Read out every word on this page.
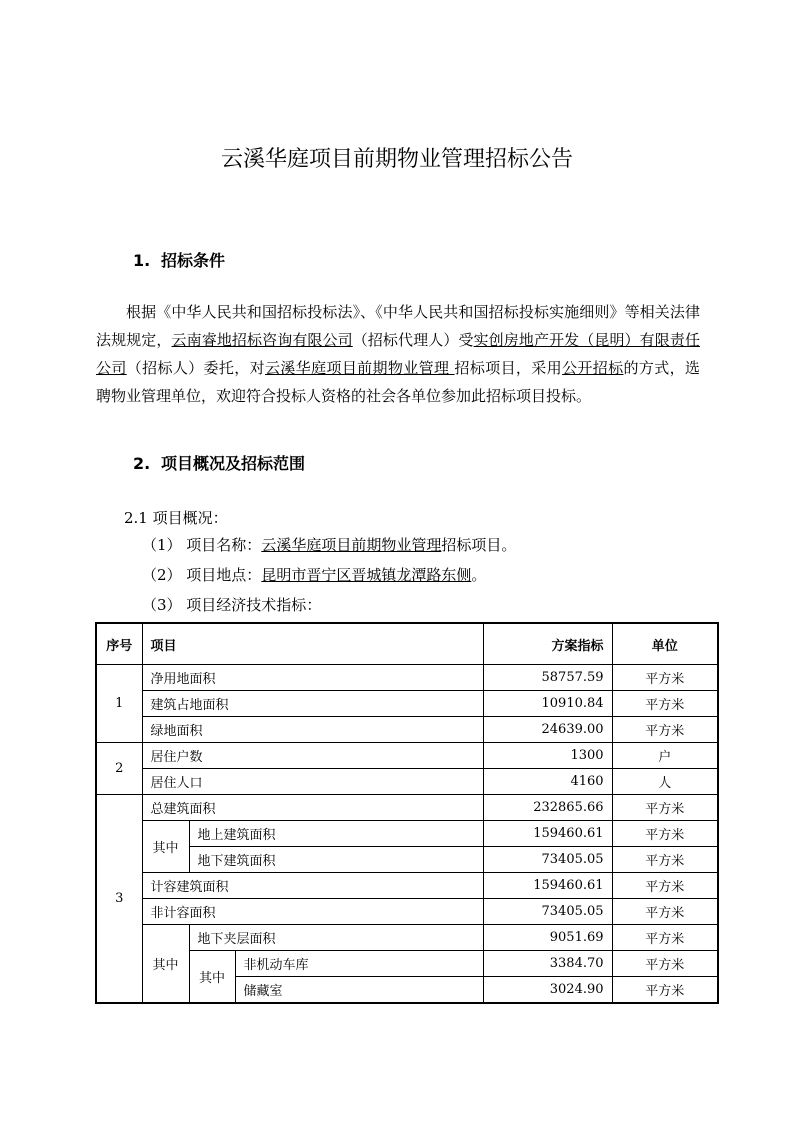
云溪华庭项目前期物业管理招标公告
1. 招标条件
根据《中华人民共和国招标投标法》、《中华人民共和国招标投标实施细则》等相关法律法规规定，云南睿地招标咨询有限公司（招标代理人）受实创房地产开发（昆明）有限责任公司（招标人）委托，对云溪华庭项目前期物业管理 招标项目，采用公开招标的方式，选聘物业管理单位，欢迎符合投标人资格的社会各单位参加此招标项目投标。
2. 项目概况及招标范围
2.1 项目概况：
（1） 项目名称：云溪华庭项目前期物业管理招标项目。
（2） 项目地点：昆明市晋宁区晋城镇龙潭路东侧。
（3） 项目经济技术指标：
序号	项目			方案指标	单位
1	净用地面积			58757.59	平方米
	建筑占地面积			10910.84	平方米
	绿地面积			24639.00	平方米
2	居住户数			1300	户
	居住人口			4160	人
3	总建筑面积			232865.66	平方米
	其中	地上建筑面积		159460.61	平方米
		地下建筑面积		73405.05	平方米
	计容建筑面积			159460.61	平方米
	非计容面积			73405.05	平方米
	其中	地下夹层面积		9051.69	平方米
		其中	非机动车库	3384.70	平方米
			储藏室	3024.90	平方米
